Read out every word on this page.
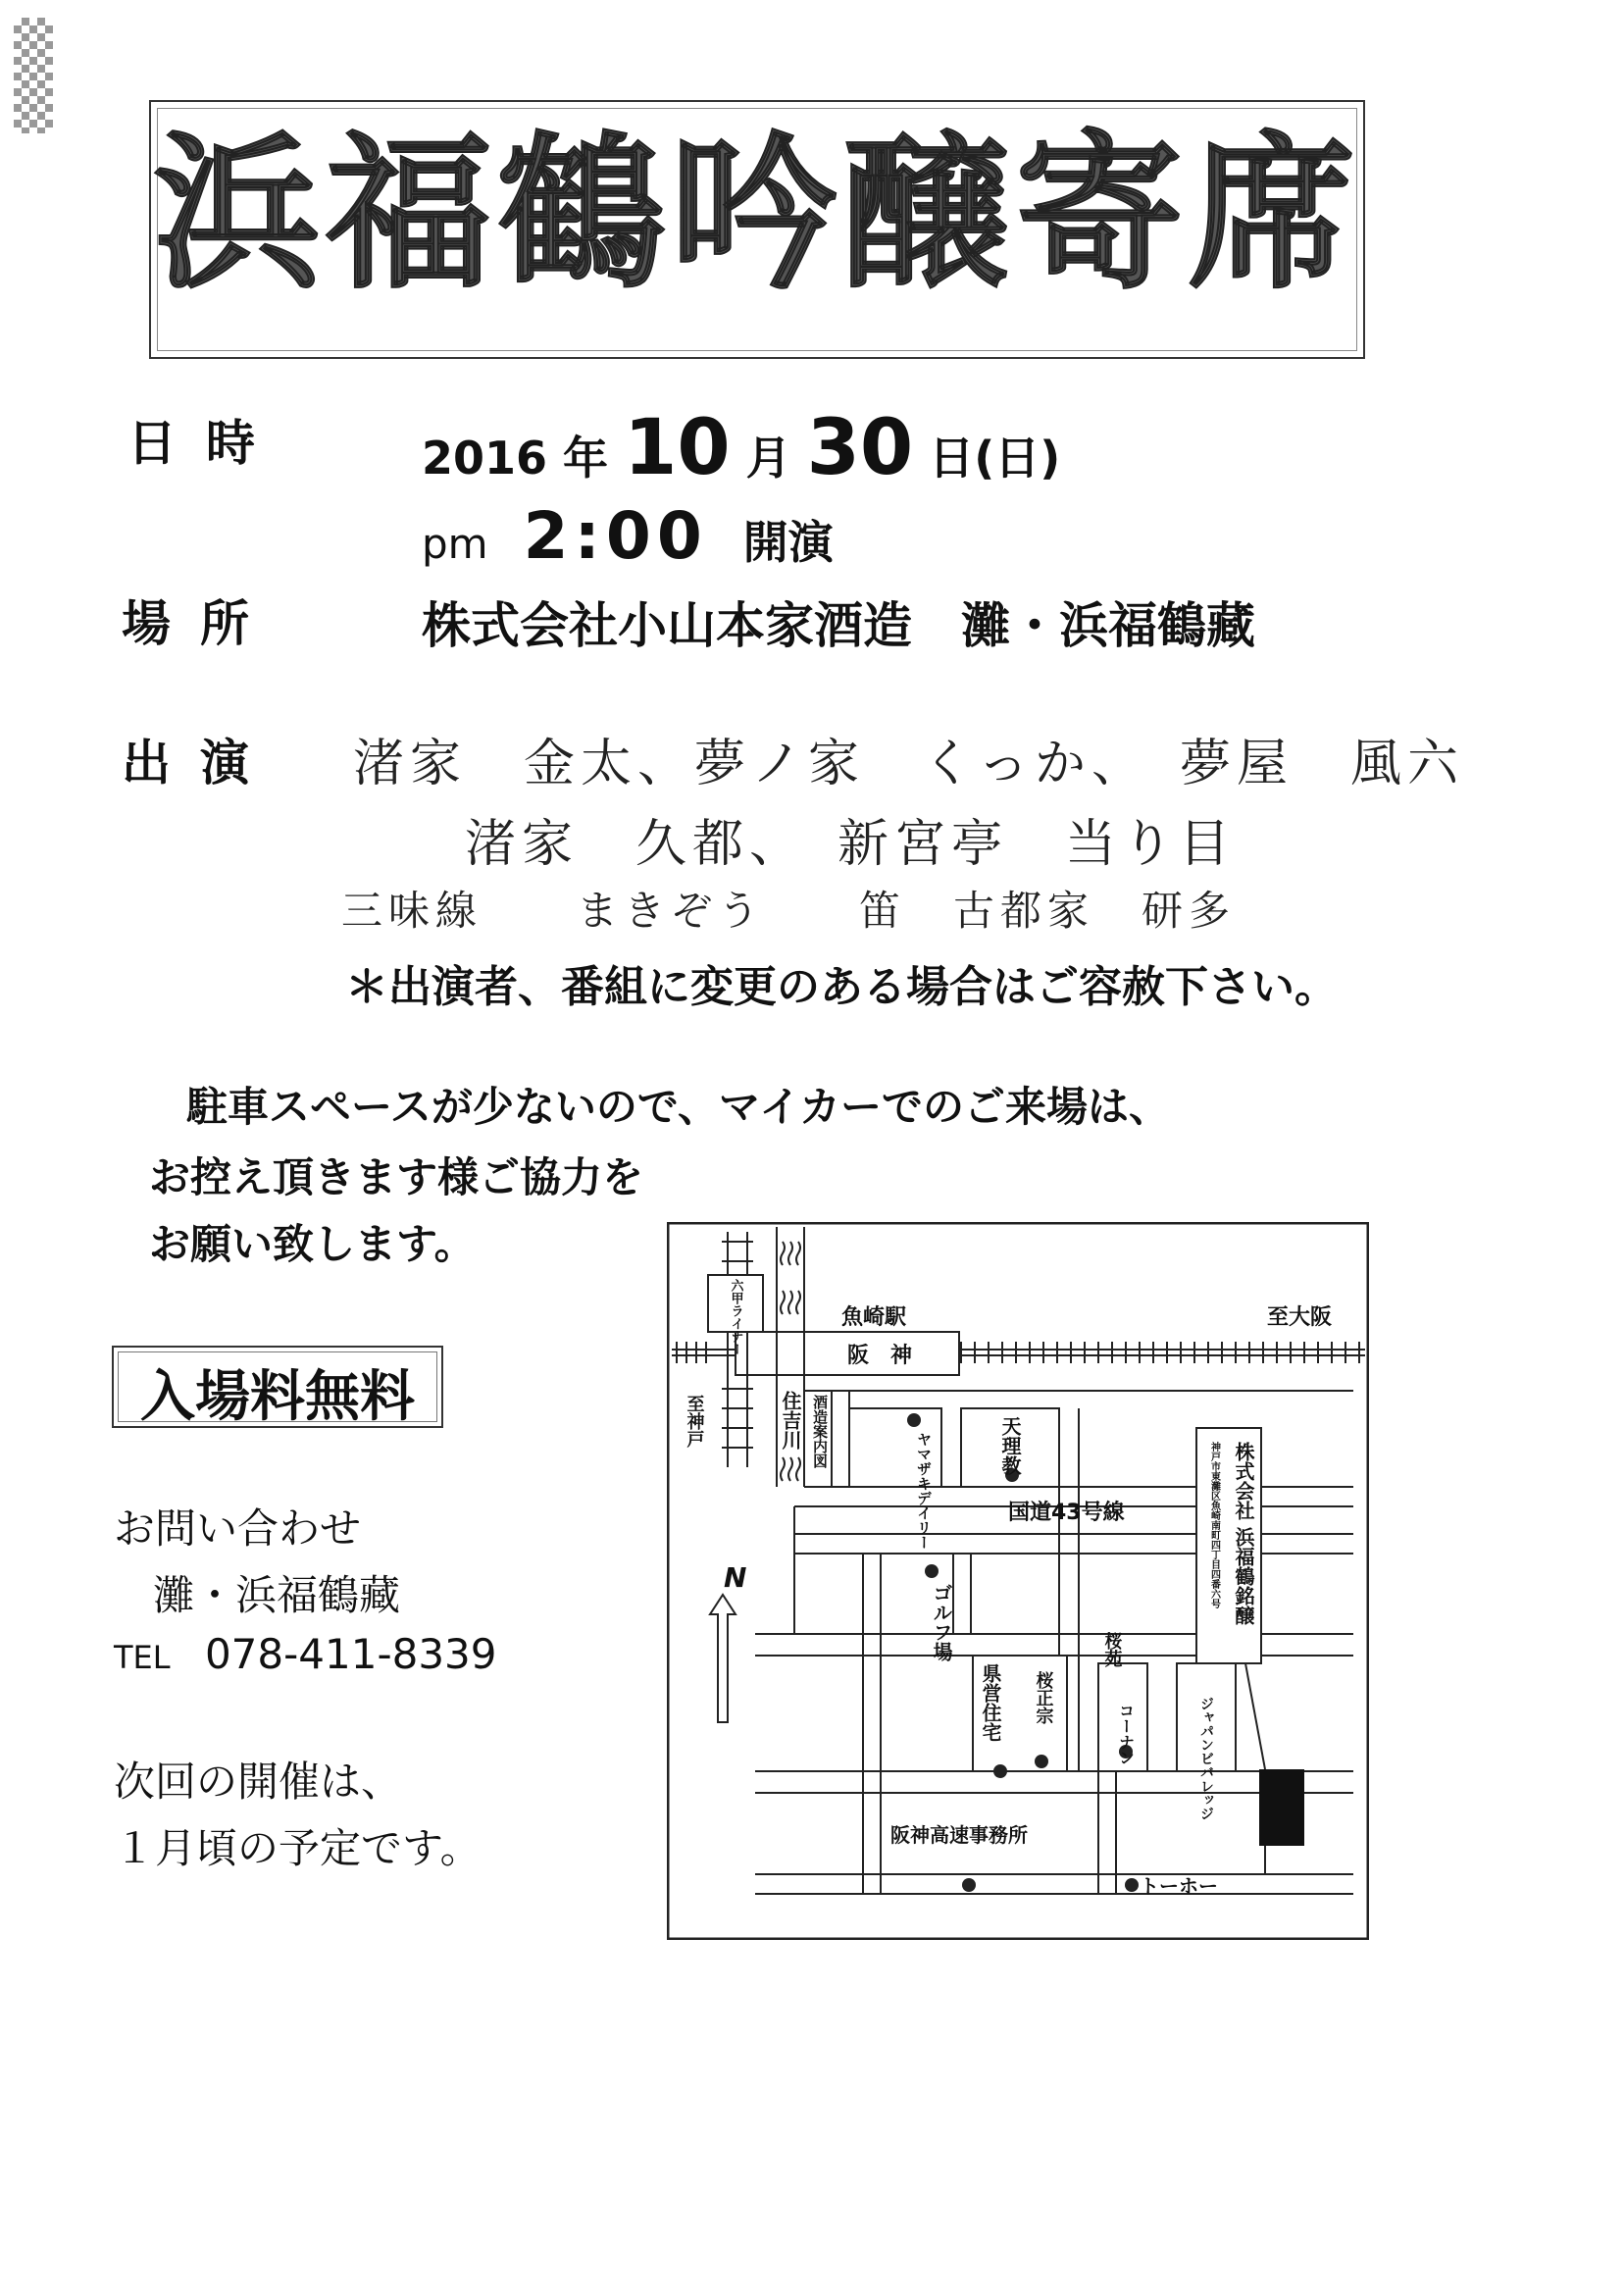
浜福鶴吟醸寄席
日時	2016 年 10 月 30 日(日)
pm 2:00 開演
場所	株式会社小山本家酒造　灘・浜福鶴藏
出演 渚家　金太、夢ノ家　くっか、　夢屋　風六
渚家　久都、　新宮亭　当り目
三味線　　まきぞう　　笛　古都家　研多
＊出演者、番組に変更のある場合はご容赦下さい。
駐車スペースが少ないので、マイカーでのご来場は、
お控え頂きます様ご協力を
お願い致します。
入場料無料
お問い合わせ
灘・浜福鶴藏
TEL 078-411-8339
次回の開催は、
１月頃の予定です。
N
魚崎駅	至大阪
阪　神
国道43号線
阪神高速事務所
トーホー
至神戸
六甲ライナー
住吉川 酒造案内図
ヤマザキデイリー	天理教
ゴルフ場
県営住宅 桜正宗
コーナン
桜苑
ジャパンビバレッジ
株式会社 浜福鶴銘醸
神戸市東灘区魚崎南町四丁目四番六号
